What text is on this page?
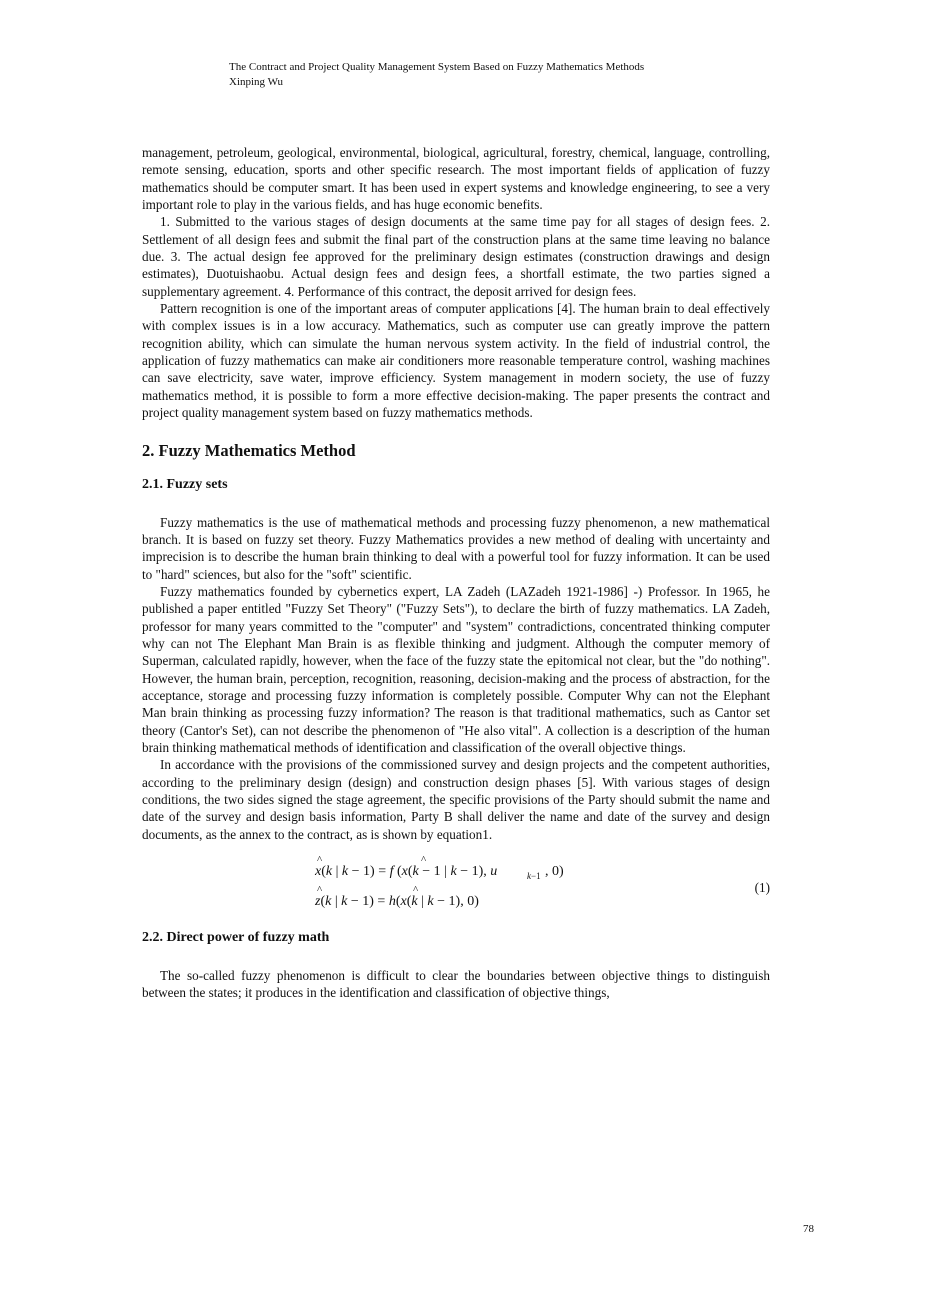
The Contract and Project Quality Management System Based on Fuzzy Mathematics Methods
Xinping Wu

management, petroleum, geological, environmental, biological, agricultural, forestry, chemical, language, controlling, remote sensing, education, sports and other specific research. The most important fields of application of fuzzy mathematics should be computer smart. It has been used in expert systems and knowledge engineering, to see a very important role to play in the various fields, and has huge economic benefits.

1. Submitted to the various stages of design documents at the same time pay for all stages of design fees. 2. Settlement of all design fees and submit the final part of the construction plans at the same time leaving no balance due. 3. The actual design fee approved for the preliminary design estimates (construction drawings and design estimates), Duotuishaobu. Actual design fees and design fees, a shortfall estimate, the two parties signed a supplementary agreement. 4. Performance of this contract, the deposit arrived for design fees.

Pattern recognition is one of the important areas of computer applications [4]. The human brain to deal effectively with complex issues is in a low accuracy. Mathematics, such as computer use can greatly improve the pattern recognition ability, which can simulate the human nervous system activity. In the field of industrial control, the application of fuzzy mathematics can make air conditioners more reasonable temperature control, washing machines can save electricity, save water, improve efficiency. System management in modern society, the use of fuzzy mathematics method, it is possible to form a more effective decision-making. The paper presents the contract and project quality management system based on fuzzy mathematics methods.

2. Fuzzy Mathematics Method
2.1. Fuzzy sets

Fuzzy mathematics is the use of mathematical methods and processing fuzzy phenomenon, a new mathematical branch. It is based on fuzzy set theory. Fuzzy Mathematics provides a new method of dealing with uncertainty and imprecision is to describe the human brain thinking to deal with a powerful tool for fuzzy information. It can be used to "hard" sciences, but also for the "soft" scientific.

Fuzzy mathematics founded by cybernetics expert, LA Zadeh (LAZadeh 1921-1986] -) Professor. In 1965, he published a paper entitled "Fuzzy Set Theory" ("Fuzzy Sets"), to declare the birth of fuzzy mathematics. LA Zadeh, professor for many years committed to the "computer" and "system" contradictions, concentrated thinking computer why can not The Elephant Man Brain is as flexible thinking and judgment. Although the computer memory of Superman, calculated rapidly, however, when the face of the fuzzy state the epitomical not clear, but the "do nothing". However, the human brain, perception, recognition, reasoning, decision-making and the process of abstraction, for the acceptance, storage and processing fuzzy information is completely possible. Computer Why can not the Elephant Man brain thinking as processing fuzzy information? The reason is that traditional mathematics, such as Cantor set theory (Cantor's Set), can not describe the phenomenon of "He also vital". A collection is a description of the human brain thinking mathematical methods of identification and classification of the overall objective things.

In accordance with the provisions of the commissioned survey and design projects and the competent authorities, according to the preliminary design (design) and construction design phases [5]. With various stages of design conditions, the two sides signed the stage agreement, the specific provisions of the Party should submit the name and date of the survey and design basis information, Party B shall deliver the name and date of the survey and design documents, as the annex to the contract, as is shown by equation1.

^
x(k | k − 1) = f (x(k − 1 | k − 1), u
^
k−1 , 0)
^
z(k | k − 1) = h(x(k | k − 1), 0)
^	(1)
2.2. Direct power of fuzzy math

The so-called fuzzy phenomenon is difficult to clear the boundaries between objective things to distinguish between the states; it produces in the identification and classification of objective things,

78
